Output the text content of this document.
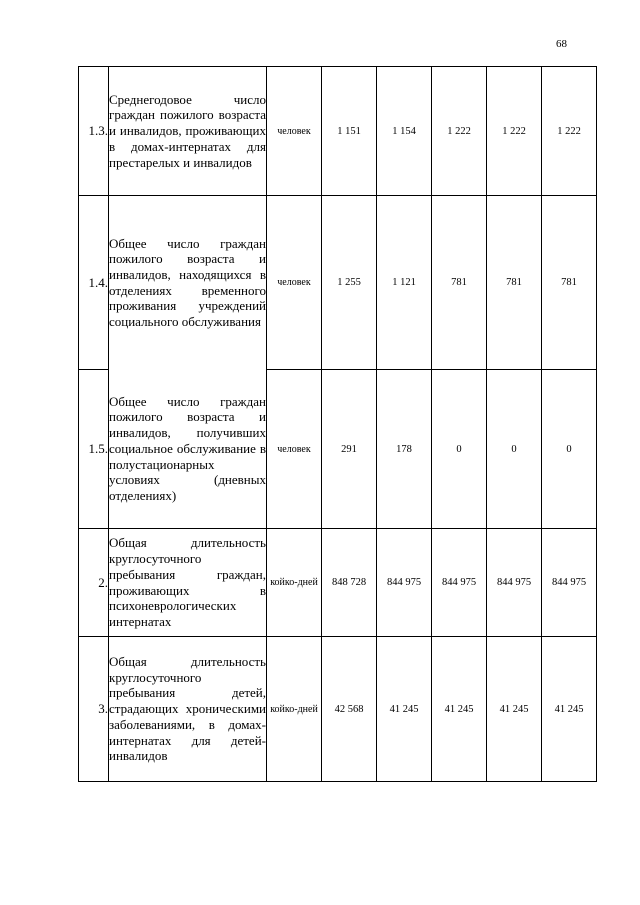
68
1.3.	Среднегодовое число граждан пожилого возраста и инвалидов, проживающих в домах-интернатах для престарелых и инвалидов	человек	1 151	1 154	1 222	1 222	1 222
1.4.	Общее число граждан пожилого возраста и инвалидов, находящихся в отделениях временного проживания учреждений социального обслуживания	человек	1 255	1 121	781	781	781
1.5.	Общее число граждан пожилого возраста и инвалидов, получивших социальное обслуживание в полустационарных условиях (дневных отделениях)	человек	291	178	0	0	0
2.	Общая длительность круглосуточного пребывания граждан, проживающих в психоневрологических интернатах	койко-дней	848 728	844 975	844 975	844 975	844 975
3.	Общая длительность круглосуточного пребывания детей, страдающих хроническими заболеваниями, в домах-интернатах для детей-инвалидов	койко-дней	42 568	41 245	41 245	41 245	41 245
